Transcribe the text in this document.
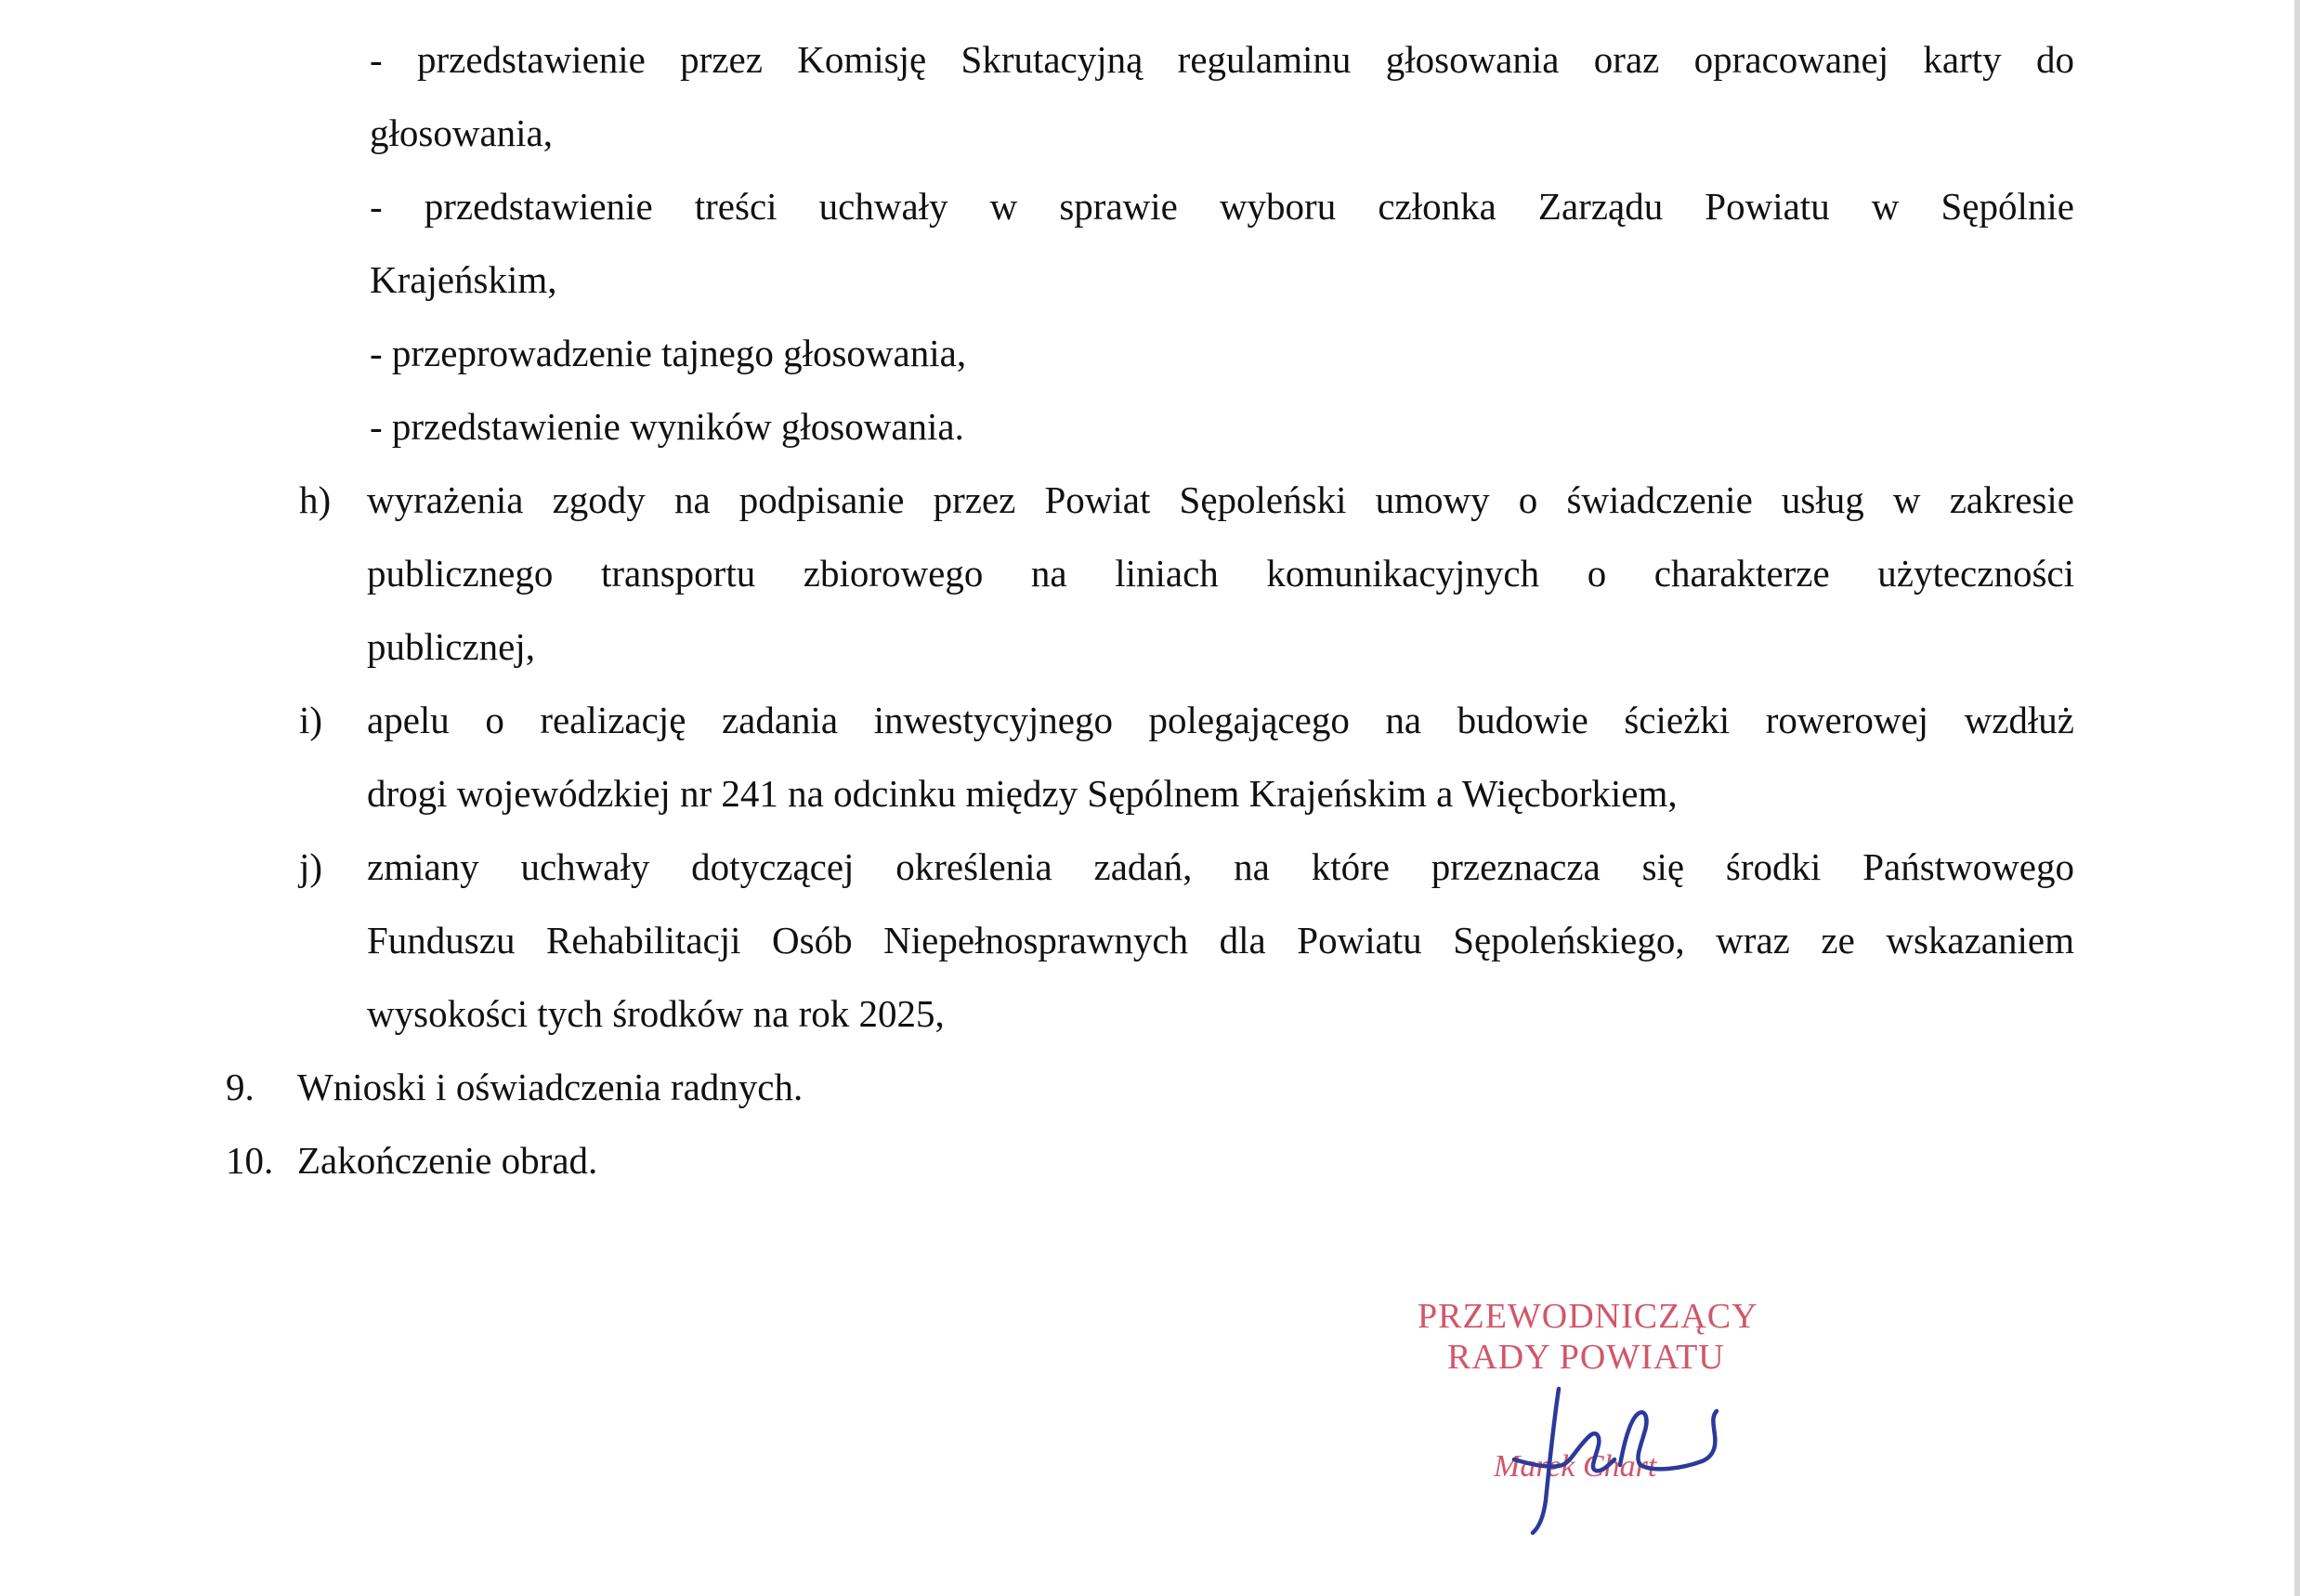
- przedstawienie przez Komisję Skrutacyjną regulaminu głosowania oraz opracowanej karty do
głosowania,
- przedstawienie treści uchwały w sprawie wyboru członka Zarządu Powiatu w Sępólnie
Krajeńskim,
- przeprowadzenie tajnego głosowania,
- przedstawienie wyników głosowania.
h) wyrażenia zgody na podpisanie przez Powiat Sępoleński umowy o świadczenie usług w zakresie
publicznego transportu zbiorowego na liniach komunikacyjnych o charakterze użyteczności
publicznej,
i) apelu o realizację zadania inwestycyjnego polegającego na budowie ścieżki rowerowej wzdłuż
drogi wojewódzkiej nr 241 na odcinku między Sępólnem Krajeńskim a Więcborkiem,
j) zmiany uchwały dotyczącej określenia zadań, na które przeznacza się środki Państwowego
Funduszu Rehabilitacji Osób Niepełnosprawnych dla Powiatu Sępoleńskiego, wraz ze wskazaniem
wysokości tych środków na rok 2025,
9. Wnioski i oświadczenia radnych.
10. Zakończenie obrad.
PRZEWODNICZĄCY
RADY POWIATU
Marek Chart
